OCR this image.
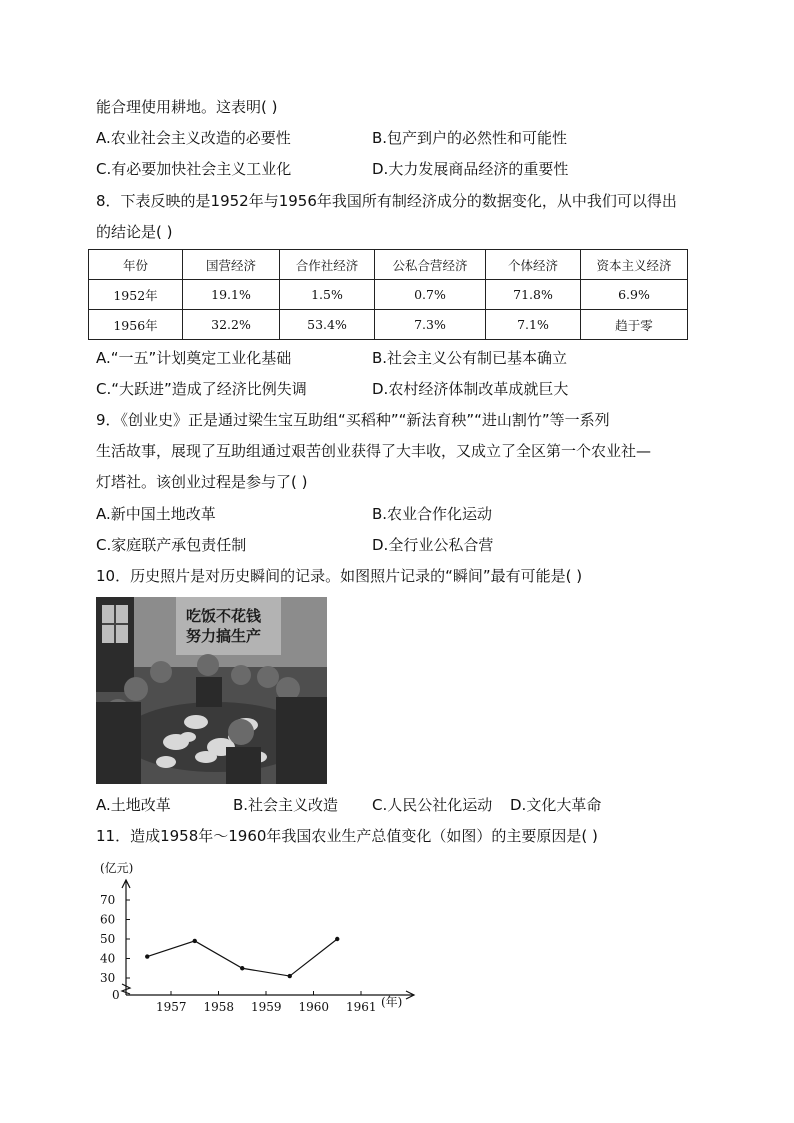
能合理使用耕地。这表明( )
A.农业社会主义改造的必要性	B.包产到户的必然性和可能性
C.有必要加快社会主义工业化	D.大力发展商品经济的重要性
8．下表反映的是1952年与1956年我国所有制经济成分的数据变化，从中我们可以得出
的结论是( )
年份	国营经济	合作社经济	公私合营经济	个体经济	资本主义经济
1952年	19.1%	1.5%	0.7%	71.8%	6.9%
1956年	32.2%	53.4%	7.3%	7.1%	趋于零
A.“一五”计划奠定工业化基础	B.社会主义公有制已基本确立
C.“大跃进”造成了经济比例失调	D.农村经济体制改革成就巨大
9．《创业史》正是通过梁生宝互助组“买稻种”“新法育秧”“进山割竹”等一系列
生活故事，展现了互助组通过艰苦创业获得了大丰收，又成立了全区第一个农业社—
灯塔社。该创业过程是参与了( )
A.新中国土地改革	B.农业合作化运动
C.家庭联产承包责任制	D.全行业公私合营
10．历史照片是对历史瞬间的记录。如图照片记录的“瞬间”最有可能是( )
吃饭不花钱
努力搞生产
A.土地改革	B.社会主义改造 C.人民公社化运动 D.文化大革命
11．造成1958年～1960年我国农业生产总值变化（如图）的主要原因是( )
(亿元)
(年)
30
40
50
60
70
0
1957 1958 1959 1960 1961
